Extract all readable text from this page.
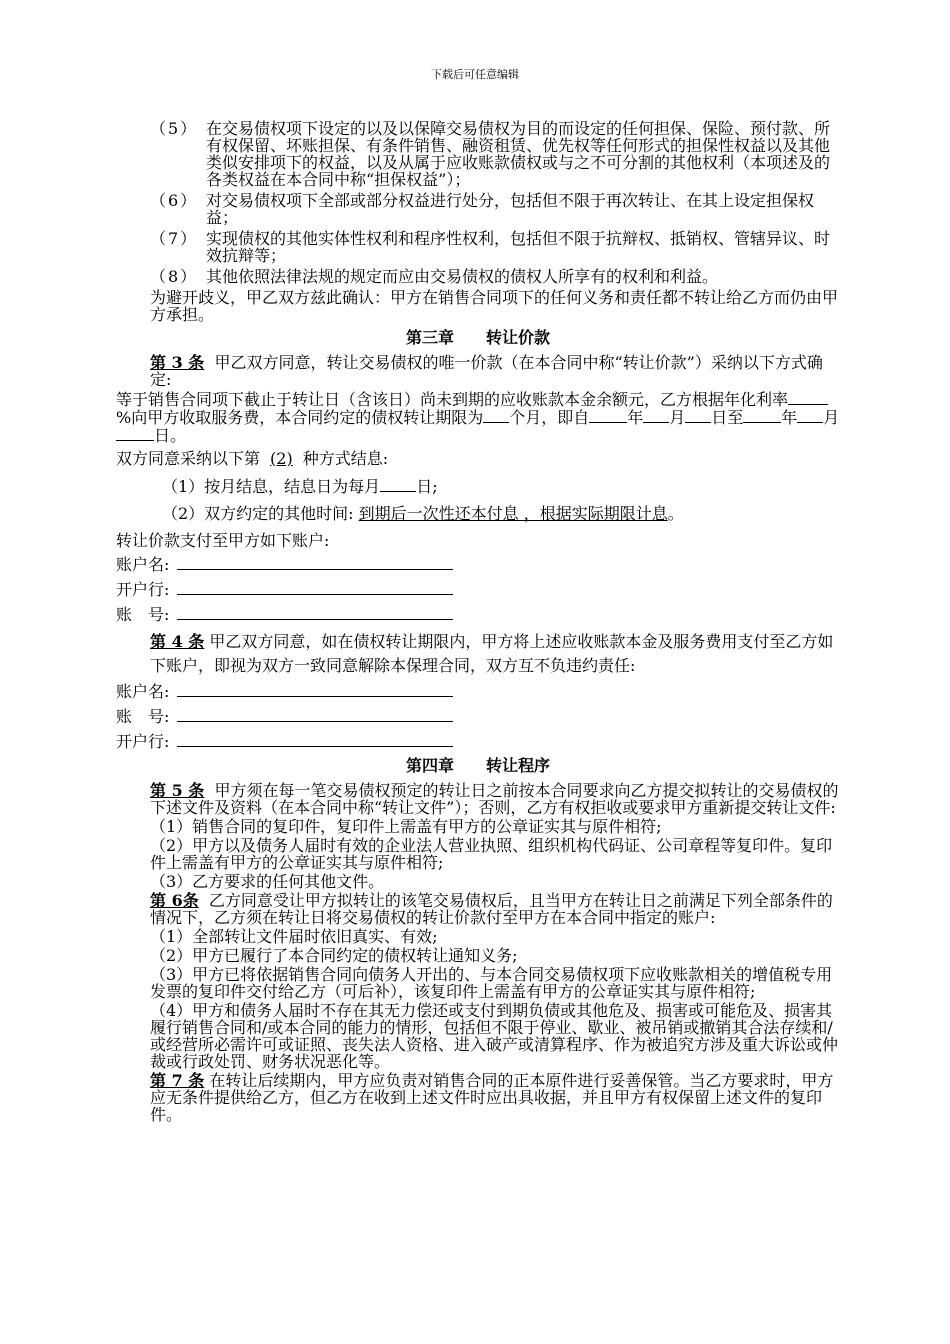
下载后可任意编辑
（5） 在交易债权项下设定的以及以保障交易债权为目的而设定的任何担保、保险、预付款、所有权保留、坏账担保、有条件销售、融资租赁、优先权等任何形式的担保性权益以及其他类似安排项下的权益，以及从属于应收账款债权或与之不可分割的其他权利（本项述及的各类权益在本合同中称“担保权益”）；
（6） 对交易债权项下全部或部分权益进行处分，包括但不限于再次转让、在其上设定担保权益；
（7） 实现债权的其他实体性权利和程序性权利，包括但不限于抗辩权、抵销权、管辖异议、时效抗辩等；
（8） 其他依照法律法规的规定而应由交易债权的债权人所享有的权利和利益。

为避开歧义，甲乙双方兹此确认：甲方在销售合同项下的任何义务和责任都不转让给乙方而仍由甲方承担。

第三章　　转让价款

第 3 条 甲乙双方同意，转让交易债权的唯一价款（在本合同中称“转让价款”）采纳以下方式确定:

等于销售合同项下截止于转让日（含该日）尚未到期的应收账款本金余额元，乙方根据年化利率%向甲方收取服务费，本合同约定的债权转让期限为 个月，即自 年 月 日至 年 月日。

双方同意采纳以下第 (2) 种方式结息:

（1）按月结息，结息日为每月 日;

（2）双方约定的其他时间: 到期后一次性还本付息 ，根据实际期限计息。

转让价款支付至甲方如下账户:

账户名:
开户行:
账　号:

第 4 条 甲乙双方同意，如在债权转让期限内，甲方将上述应收账款本金及服务费用支付至乙方如下账户，即视为双方一致同意解除本保理合同，双方互不负违约责任:

账户名:
账　号:
开户行:
第四章　　转让程序

第 5 条 甲方须在每一笔交易债权预定的转让日之前按本合同要求向乙方提交拟转让的交易债权的下述文件及资料（在本合同中称“转让文件”）；否则，乙方有权拒收或要求甲方重新提交转让文件:

（1）销售合同的复印件，复印件上需盖有甲方的公章证实其与原件相符;

（2）甲方以及债务人届时有效的企业法人营业执照、组织机构代码证、公司章程等复印件。复印件上需盖有甲方的公章证实其与原件相符;

（3）乙方要求的任何其他文件。

第 6条 乙方同意受让甲方拟转让的该笔交易债权后，且当甲方在转让日之前满足下列全部条件的情况下，乙方须在转让日将交易债权的转让价款付至甲方在本合同中指定的账户:

（1）全部转让文件届时依旧真实、有效;

（2）甲方已履行了本合同约定的债权转让通知义务;

（3）甲方已将依据销售合同向债务人开出的、与本合同交易债权项下应收账款相关的增值税专用发票的复印件交付给乙方（可后补），该复印件上需盖有甲方的公章证实其与原件相符;

（4）甲方和债务人届时不存在其无力偿还或支付到期负债或其他危及、损害或可能危及、损害其履行销售合同和/或本合同的能力的情形，包括但不限于停业、歇业、被吊销或撤销其合法存续和/或经营所必需许可或证照、丧失法人资格、进入破产或清算程序、作为被追究方涉及重大诉讼或仲裁或行政处罚、财务状况恶化等。

第 7 条 在转让后续期内，甲方应负责对销售合同的正本原件进行妥善保管。当乙方要求时，甲方应无条件提供给乙方，但乙方在收到上述文件时应出具收据，并且甲方有权保留上述文件的复印件。
